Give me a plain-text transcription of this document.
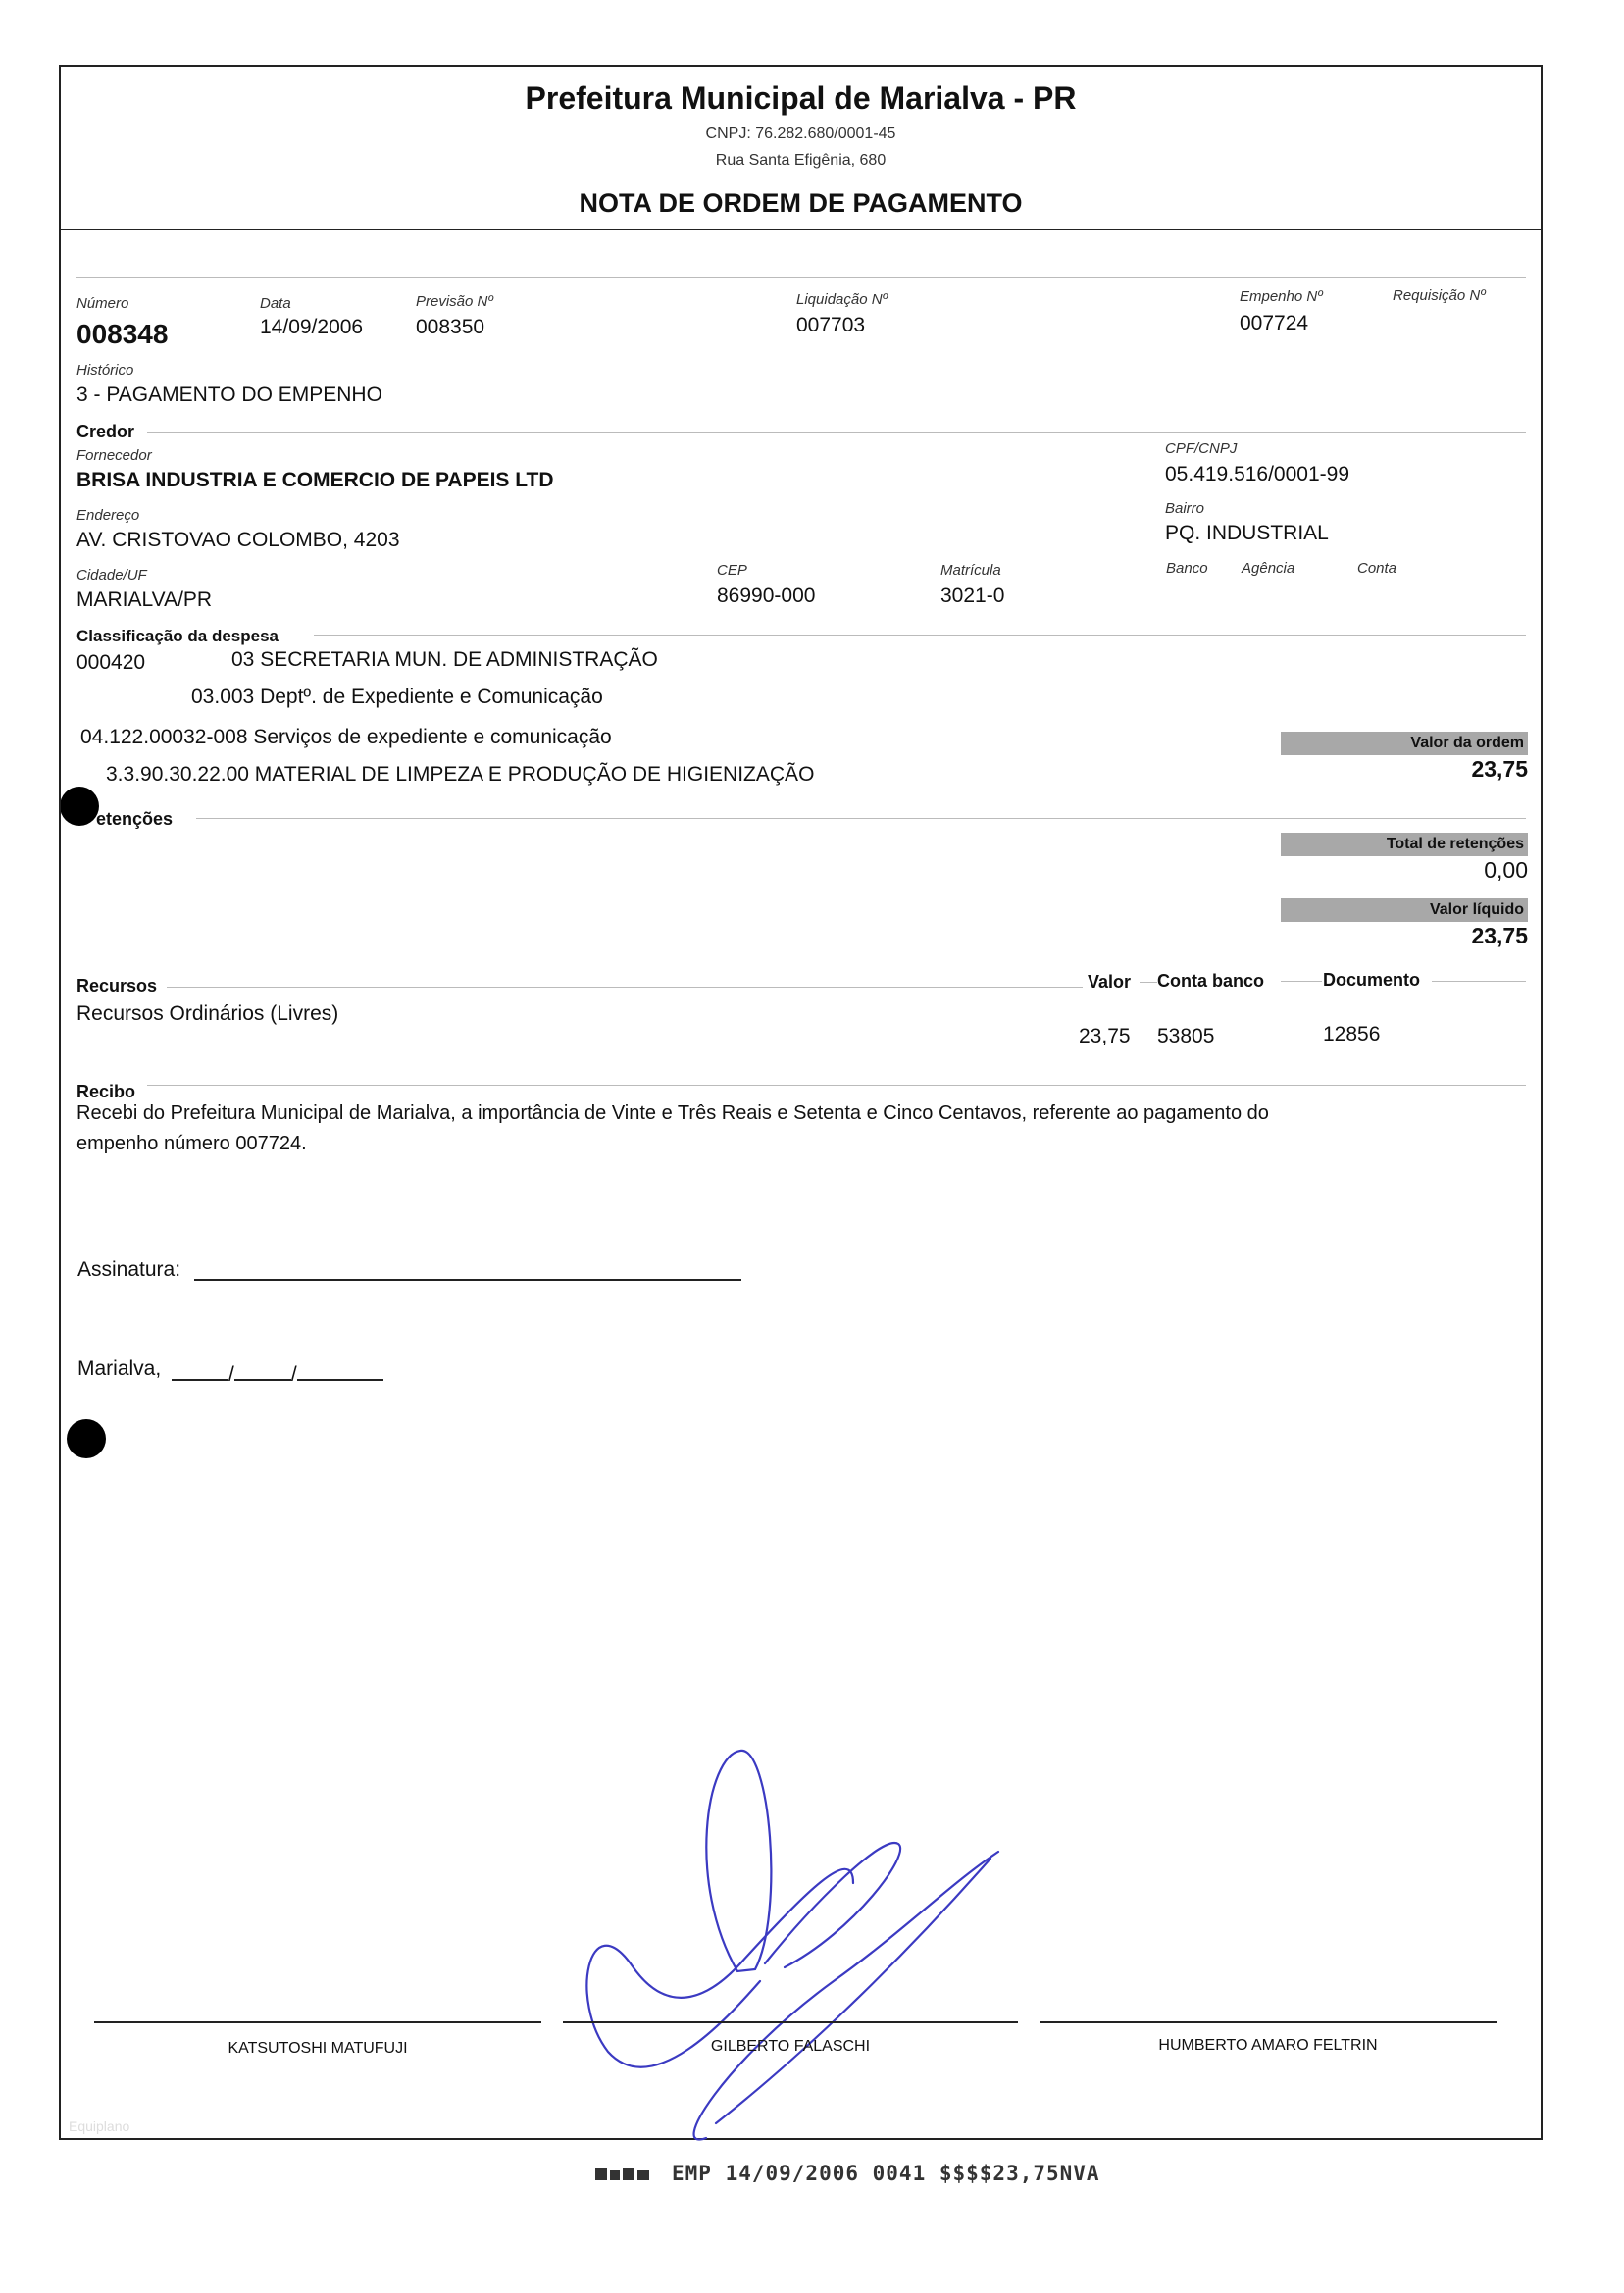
Prefeitura Municipal de Marialva - PR
CNPJ: 76.282.680/0001-45
Rua Santa Efigênia, 680
NOTA DE ORDEM DE PAGAMENTO
Número
008348
Data
14/09/2006
Previsão Nº
008350
Liquidação Nº
007703
Empenho Nº
007724
Requisição Nº
Histórico
3 - PAGAMENTO DO EMPENHO
Credor
Fornecedor
BRISA INDUSTRIA E COMERCIO DE PAPEIS LTD
CPF/CNPJ
05.419.516/0001-99
Endereço
AV. CRISTOVAO COLOMBO, 4203
Bairro
PQ. INDUSTRIAL
Cidade/UF
MARIALVA/PR
CEP
86990-000
Matrícula
3021-0
Banco Agência	Conta
Classificação da despesa
000420	03 SECRETARIA MUN. DE ADMINISTRAÇÃO
03.003 Deptº. de Expediente e Comunicação
04.122.00032-008 Serviços de expediente e comunicação
3.3.90.30.22.00 MATERIAL DE LIMPEZA E PRODUÇÃO DE HIGIENIZAÇÃO
Valor da ordem
23,75
etenções
Total de retenções
0,00
Valor líquido
23,75
Recursos	Valor Conta banco	Documento
Recursos Ordinários (Livres)
23,75 53805	12856
Recibo
Recebi do Prefeitura Municipal de Marialva, a importância de Vinte e Três Reais e Setenta e Cinco Centavos, referente ao pagamento do
empenho número 007724.
Assinatura:
Marialva,	/	/
KATSUTOSHI MATUFUJI	GILBERTO FALASCHI	HUMBERTO AMARO FELTRIN
Equiplano
EMP 14/09/2006 0041 $$$$23,75NVA
